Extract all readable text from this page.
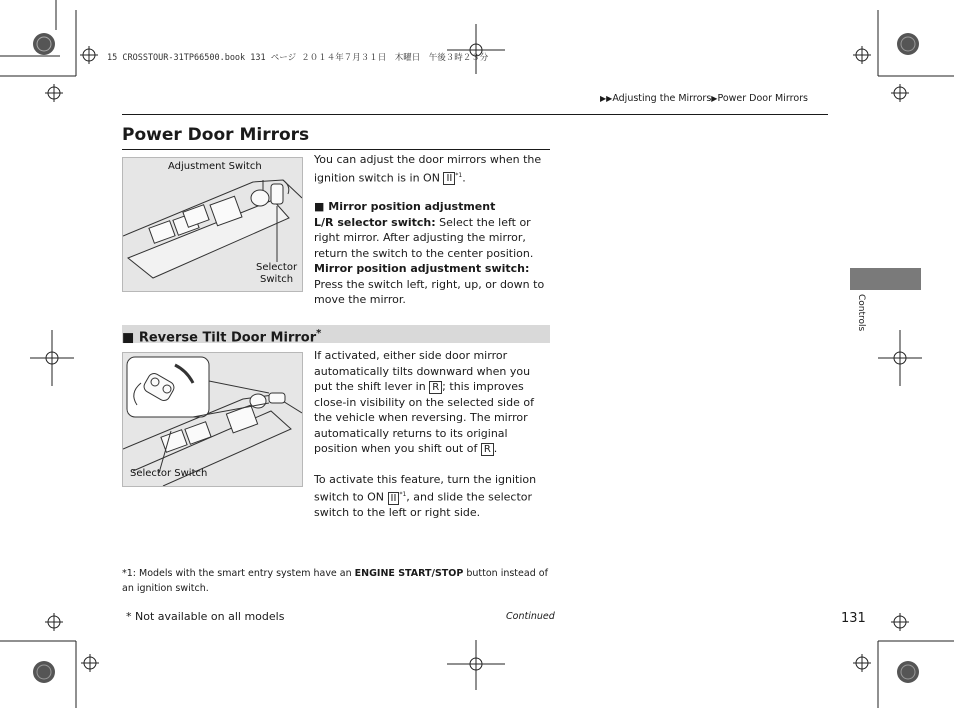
15 CROSSTOUR-31TP66500.book 131 ページ ２０１４年７月３１日　木曜日　午後３時２３分
▶▶Adjusting the Mirrors▶Power Door Mirrors
Power Door Mirrors
Adjustment Switch
Selector
Switch

You can adjust the door mirrors when the ignition switch is in ON II $^{*1}$.

■ Mirror position adjustment

L/R selector switch: Select the left or right mirror. After adjusting the mirror, return the switch to the center position.

Mirror position adjustment switch: Press the switch left, right, up, or down to move the mirror.	Controls
■ Reverse Tilt Door Mirror*
Selector Switch

If activated, either side door mirror automatically tilts downward when you put the shift lever in R ; this improves close-in visibility on the selected side of the vehicle when reversing. The mirror automatically returns to its original position when you shift out of R .

To activate this feature, turn the ignition switch to ON II $^{*1}$, and slide the selector switch to the left or right side.

*1: Models with the smart entry system have an ENGINE START/STOP button instead of an ignition switch.
* Not available on all models	Continued	131
